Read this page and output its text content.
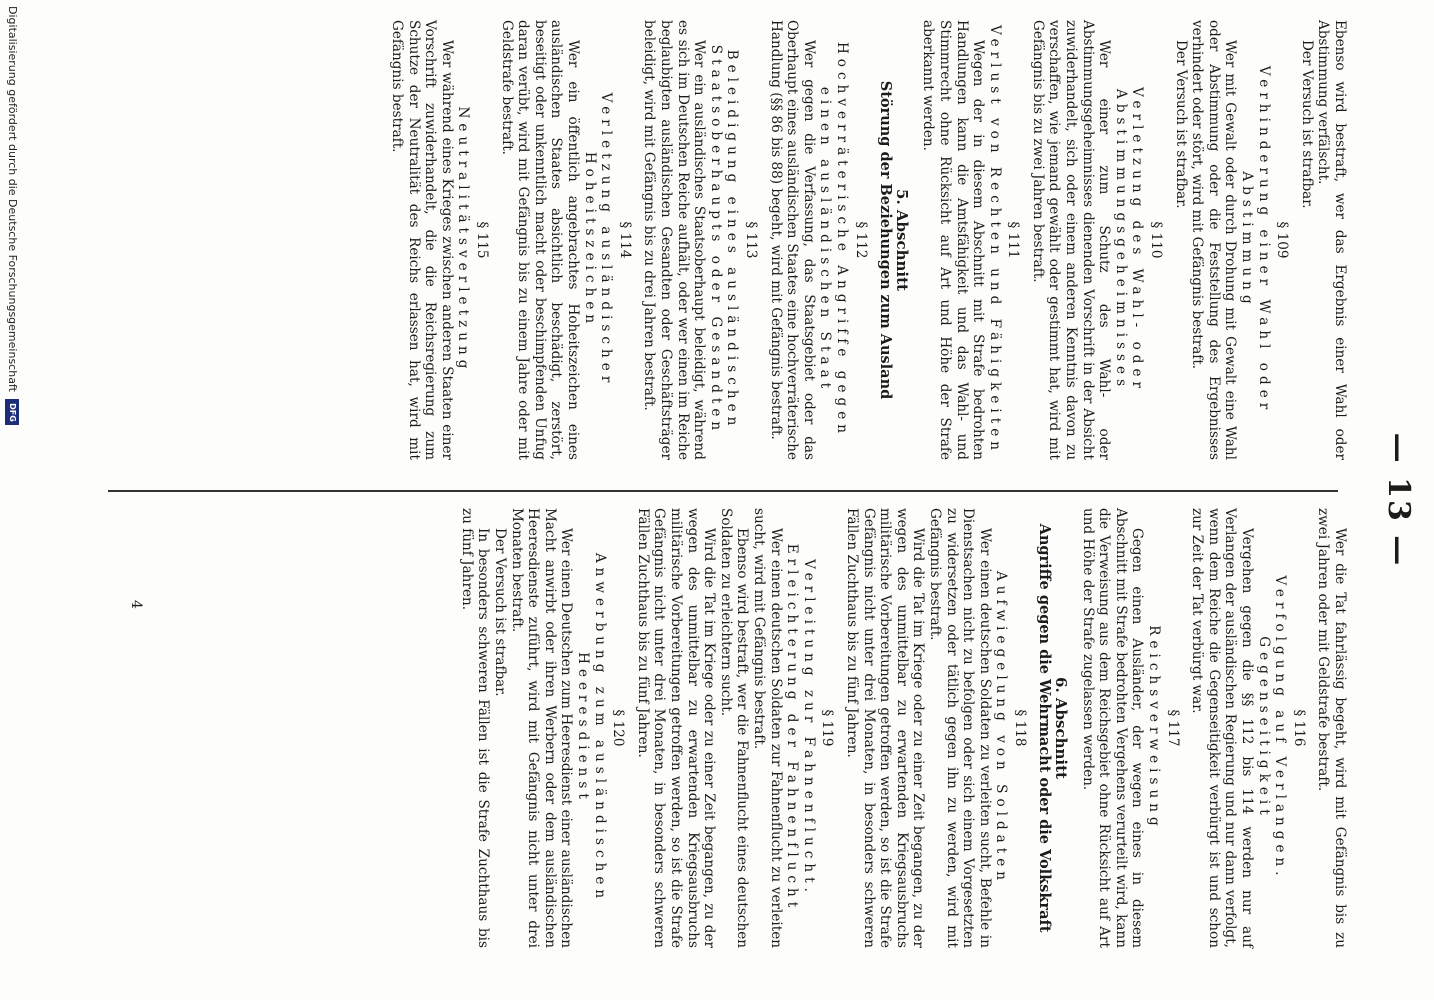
— 13 —

Ebenso wird bestraft, wer das Ergebnis einer Wahl oder Abstimmung verfälscht.

Der Versuch ist strafbar.

§ 109
Verhinderung einer Wahl oder Abstimmung

Wer mit Gewalt oder durch Drohung mit Gewalt eine Wahl oder Abstimmung oder die Feststellung des Ergebnisses verhindert oder stört, wird mit Gefängnis bestraft.

Der Versuch ist strafbar.

§ 110
Verletzung des Wahl- oder Abstimmungsgeheimnisses

Wer einer zum Schutz des Wahl- oder Abstimmungsgeheimnisses dienenden Vorschrift in der Absicht zuwiderhandelt, sich oder einem anderen Kenntnis davon zu verschaffen, wie jemand gewählt oder gestimmt hat, wird mit Gefängnis bis zu zwei Jahren bestraft.

§ 111
Verlust von Rechten und Fähigkeiten

Wegen der in diesem Abschnitt mit Strafe bedrohten Handlungen kann die Amtsfähigkeit und das Wahl- und Stimmrecht ohne Rücksicht auf Art und Höhe der Strafe aberkannt werden.

5. Abschnitt
Störung der Beziehungen zum Ausland
§ 112
Hochverräterische Angriffe gegen einen ausländischen Staat

Wer gegen die Verfassung, das Staatsgebiet oder das Oberhaupt eines ausländischen Staates eine hochverräterische Handlung (§§ 86 bis 88) begeht, wird mit Gefängnis bestraft.

§ 113
Beleidigung eines ausländischen Staatsoberhaupts oder Gesandten

Wer ein ausländisches Staatsoberhaupt beleidigt, während es sich im Deutschen Reiche aufhält, oder wer einen im Reiche beglaubigten ausländischen Gesandten oder Geschäftsträger beleidigt, wird mit Gefängnis bis zu drei Jahren bestraft.

§ 114
Verletzung ausländischer Hoheitszeichen

Wer ein öffentlich angebrachtes Hoheitszeichen eines ausländischen Staates absichtlich beschädigt, zerstört, beseitigt oder unkenntlich macht oder beschimpfenden Unfug daran verübt, wird mit Gefängnis bis zu einem Jahre oder mit Geldstrafe bestraft.

§ 115
Neutralitätsverletzung

Wer während eines Krieges zwischen anderen Staaten einer Vorschrift zuwiderhandelt, die die Reichsregierung zum Schutze der Neutralität des Reichs erlassen hat, wird mit Gefängnis bestraft.

Wer die Tat fahrlässig begeht, wird mit Gefängnis bis zu zwei Jahren oder mit Geldstrafe bestraft.

§ 116
Verfolgung auf Verlangen. Gegenseitigkeit

Vergehen gegen die §§ 112 bis 114 werden nur auf Verlangen der ausländischen Regierung und nur dann verfolgt, wenn dem Reiche die Gegenseitigkeit verbürgt ist und schon zur Zeit der Tat verbürgt war.

§ 117
Reichsverweisung

Gegen einen Ausländer, der wegen eines in diesem Abschnitt mit Strafe bedrohten Vergehens verurteilt wird, kann die Verweisung aus dem Reichsgebiet ohne Rücksicht auf Art und Höhe der Strafe zugelassen werden.

6. Abschnitt
Angriffe gegen die Wehrmacht oder die Volkskraft
§ 118
Aufwiegelung von Soldaten

Wer einen deutschen Soldaten zu verleiten sucht, Befehle in Dienstsachen nicht zu befolgen oder sich einem Vorgesetzten zu widersetzen oder tätlich gegen ihn zu werden, wird mit Gefängnis bestraft.

Wird die Tat im Kriege oder zu einer Zeit begangen, zu der wegen des unmittelbar zu erwartenden Kriegsausbruchs militärische Vorbereitungen getroffen werden, so ist die Strafe Gefängnis nicht unter drei Monaten, in besonders schweren Fällen Zuchthaus bis zu fünf Jahren.

§ 119
Verleitung zur Fahnenflucht. Erleichterung der Fahnenflucht

Wer einen deutschen Soldaten zur Fahnenflucht zu verleiten sucht, wird mit Gefängnis bestraft.

Ebenso wird bestraft, wer die Fahnenflucht eines deutschen Soldaten zu erleichtern sucht.

Wird die Tat im Kriege oder zu einer Zeit begangen, zu der wegen des unmittelbar zu erwartenden Kriegsausbruchs militärische Vorbereitungen getroffen werden, so ist die Strafe Gefängnis nicht unter drei Monaten, in besonders schweren Fällen Zuchthaus bis zu fünf Jahren.

§ 120
Anwerbung zum ausländischen Heeresdienst

Wer einen Deutschen zum Heeresdienst einer ausländischen Macht anwirbt oder ihren Werbern oder dem ausländischen Heeresdienste zuführt, wird mit Gefängnis nicht unter drei Monaten bestraft.

Der Versuch ist strafbar.

In besonders schweren Fällen ist die Strafe Zuchthaus bis zu fünf Jahren.

4
Digitalisierung gefördert durch die Deutsche Forschungsgemeinschaft DFG
